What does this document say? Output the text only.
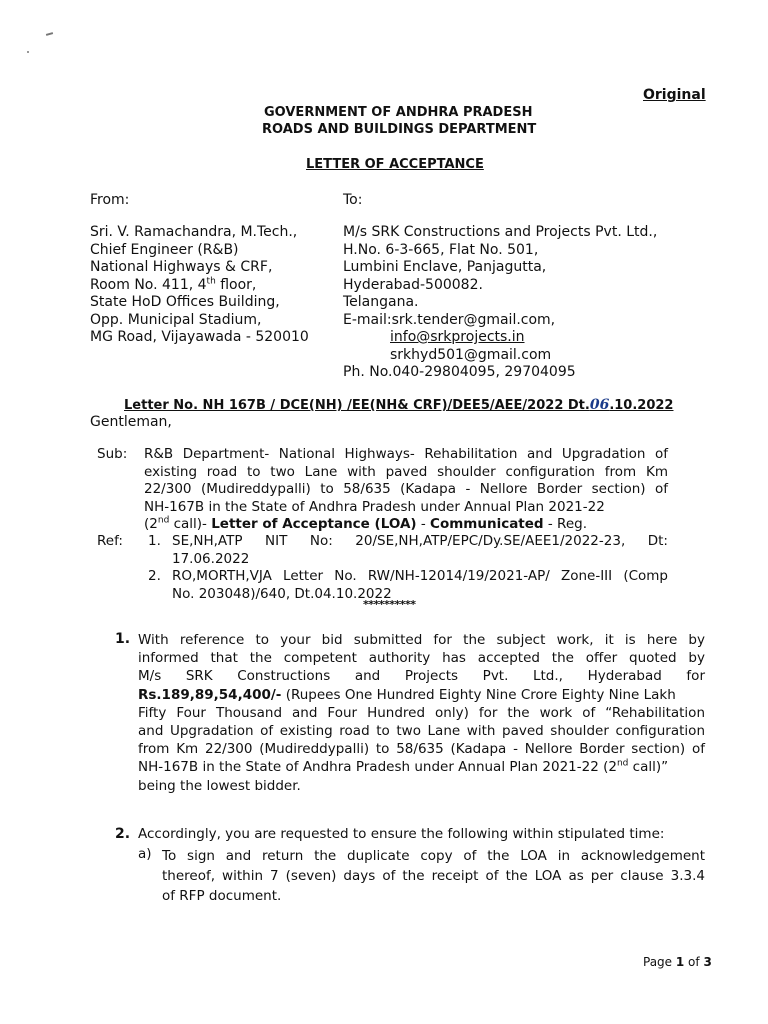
Original
GOVERNMENT OF ANDHRA PRADESH
ROADS AND BUILDINGS DEPARTMENT
LETTER OF ACCEPTANCE
From:	To:
Sri. V. Ramachandra, M.Tech.,
Chief Engineer (R&B)
National Highways & CRF,
Room No. 411, 4th floor,
State HoD Offices Building,
Opp. Municipal Stadium,
MG Road, Vijayawada - 520010
M/s SRK Constructions and Projects Pvt. Ltd.,
H.No. 6-3-665, Flat No. 501,
Lumbini Enclave, Panjagutta,
Hyderabad-500082.
Telangana.
E-mail:srk.tender@gmail.com,
info@srkprojects.in
srkhyd501@gmail.com
Ph. No.040-29804095, 29704095
Letter No. NH 167B / DCE(NH) /EE(NH& CRF)/DEE5/AEE/2022 Dt.06.10.2022
Gentleman,
Sub: R&B Department- National Highways- Rehabilitation and Upgradation of
existing road to two Lane with paved shoulder configuration from Km
22/300 (Mudireddypalli) to 58/635 (Kadapa - Nellore Border section) of
NH-167B in the State of Andhra Pradesh under Annual Plan 2021-22
(2nd call)- Letter of Acceptance (LOA) - Communicated - Reg.
Ref: 1. SE,NH,ATP NIT No: 20/SE,NH,ATP/EPC/Dy.SE/AEE1/2022-23, Dt:
17.06.2022
2. RO,MORTH,VJA Letter No. RW/NH-12014/19/2021-AP/ Zone-III (Comp
No. 203048)/640, Dt.04.10.2022
**********
1. With reference to your bid submitted for the subject work, it is here by
informed that the competent authority has accepted the offer quoted by
M/s     SRK     Constructions     and     Projects     Pvt.     Ltd.,     Hyderabad     for
Rs.189,89,54,400/- (Rupees One Hundred Eighty Nine Crore Eighty Nine Lakh
Fifty Four Thousand and Four Hundred only) for the work of “Rehabilitation
and Upgradation of existing road to two Lane with paved shoulder configuration
from Km 22/300 (Mudireddypalli) to 58/635 (Kadapa - Nellore Border section) of
NH-167B in the State of Andhra Pradesh under Annual Plan 2021-22 (2nd call)”
being the lowest bidder.
2. Accordingly, you are requested to ensure the following within stipulated time:
a) To sign and return the duplicate copy of the LOA in acknowledgement
thereof, within 7 (seven) days of the receipt of the LOA as per clause 3.3.4
of RFP document.
Page 1 of 3
